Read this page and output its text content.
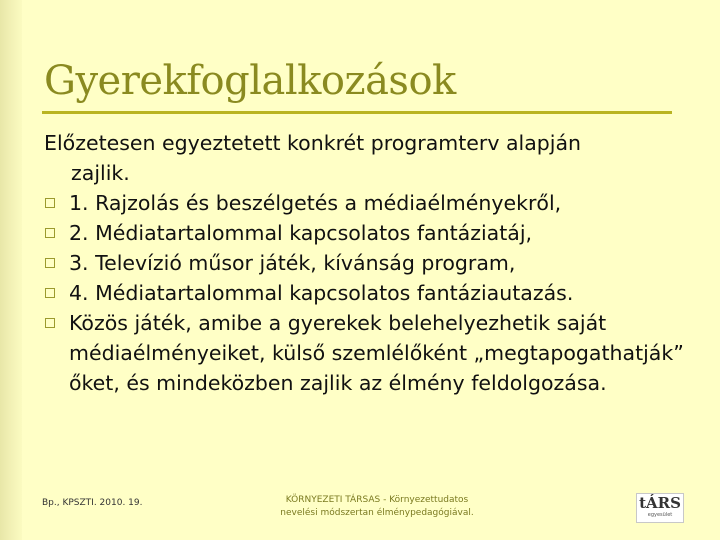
Gyerekfoglalkozások

Előzetesen egyeztetett konkrét programterv alapján
zajlik.

1. Rajzolás és beszélgetés a médiaélményekről,
2. Médiatartalommal kapcsolatos fantáziatáj,
3. Televízió műsor játék, kívánság program,
4. Médiatartalommal kapcsolatos fantáziautazás.
Közös játék, amibe a gyerekek belehelyezhetik saját médiaélményeiket, külső szemlélőként „megtapogathatják” őket, és mindeközben zajlik az élmény feldolgozása.
Bp., KPSZTI. 2010. 19.	KÖRNYEZETI TÁRSAS - Környezettudatos
nevelési módszertan élménypedagógiával.
tÁRS
egyesület
